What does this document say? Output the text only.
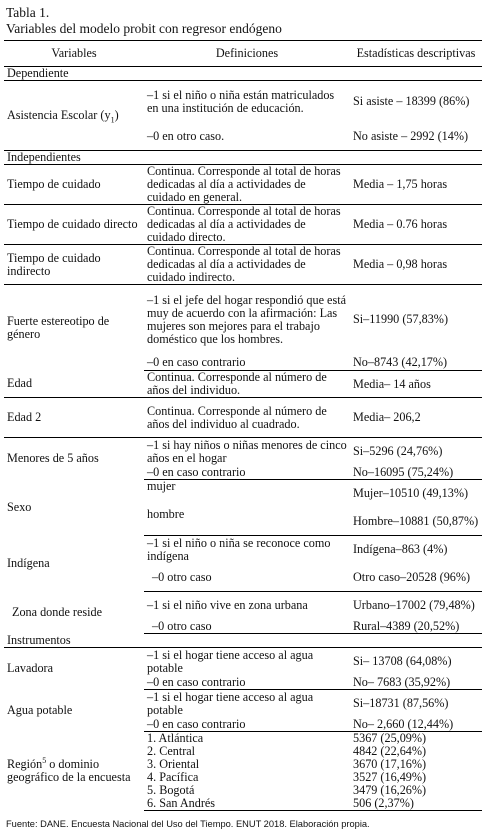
Tabla 1.
Variables del modelo probit con regresor endógeno
Variables	Definiciones	Estadísticas descriptivas
Dependiente		
Asistencia Escolar $(y_1)$	–1 si el niño o niña están matriculados en una institución de educación.	Si asiste – 18399 (86%)
	–0 en otro caso.	No asiste – 2992 (14%)
Independientes		
Tiempo de cuidado	Continua. Corresponde al total de horas dedicadas al día a actividades de cuidado en general.	Media – 1,75 horas
Tiempo de cuidado directo	Continua. Corresponde al total de horas dedicadas al día a actividades de cuidado directo.	Media – 0.76 horas
Tiempo de cuidado indirecto	Continua. Corresponde al total de horas dedicadas al día a actividades de cuidado indirecto.	Media – 0,98 horas
Fuerte estereotipo de género	–1 si el jefe del hogar respondió que está muy de acuerdo con la afirmación: Las mujeres son mejores para el trabajo doméstico que los hombres.	Si–11990 (57,83%)
	–0 en caso contrario	No–8743 (42,17%)
Edad	Continua. Corresponde al número de años del individuo.	Media– 14 años
Edad 2	Continua. Corresponde al número de años del individuo al cuadrado.	Media– 206,2
Menores de 5 años	–1 si hay niños o niñas menores de cinco años en el hogar	Si–5296 (24,76%)
	–0 en caso contrario	No–16095 (75,24%)
Sexo	mujer	Mujer–10510 (49,13%)
	hombre	Hombre–10881 (50,87%)
Indígena	–1 si el niño o niña se reconoce como indígena	Indígena–863 (4%)
	–0 otro caso	Otro caso–20528 (96%)
Zona donde reside	–1 si el niño vive en zona urbana	Urbano–17002 (79,48%)
	–0 otro caso	Rural–4389 (20,52%)
Instrumentos		
Lavadora	–1 si el hogar tiene acceso al agua potable	Si– 13708 (64,08%)
	–0 en caso contrario	No– 7683 (35,92%)
Agua potable	–1 si el hogar tiene acceso al agua potable	Si–18731 (87,56%)
	–0 en caso contrario	No– 2,660 (12,44%)
Región$^5$ o dominio geográfico de la encuesta	1. Atlántica	5367 (25,09%)
	2. Central	4842 (22,64%)
	3. Oriental	3670 (17,16%)
	4. Pacífica	3527 (16,49%)
	5. Bogotá	3479 (16,26%)
	6. San Andrés	506 (2,37%)
Fuente: DANE. Encuesta Nacional del Uso del Tiempo. ENUT 2018. Elaboración propia.
